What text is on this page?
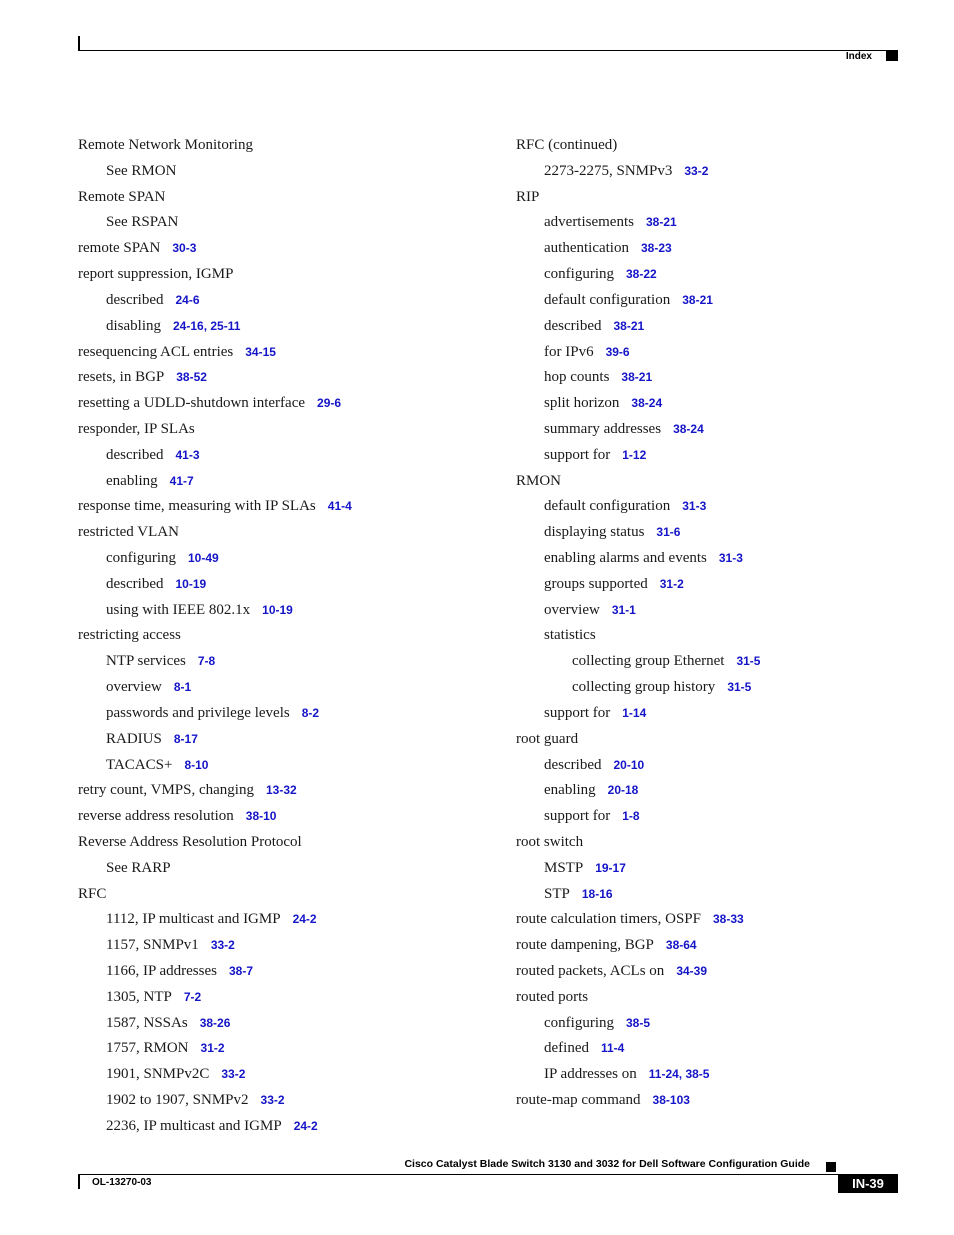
Index
Remote Network Monitoring
See RMON
Remote SPAN
See RSPAN
remote SPAN 30-3
report suppression, IGMP
described 24-6
disabling 24-16, 25-11
resequencing ACL entries 34-15
resets, in BGP 38-52
resetting a UDLD-shutdown interface 29-6
responder, IP SLAs
described 41-3
enabling 41-7
response time, measuring with IP SLAs 41-4
restricted VLAN
configuring 10-49
described 10-19
using with IEEE 802.1x 10-19
restricting access
NTP services 7-8
overview 8-1
passwords and privilege levels 8-2
RADIUS 8-17
TACACS+ 8-10
retry count, VMPS, changing 13-32
reverse address resolution 38-10
Reverse Address Resolution Protocol
See RARP
RFC
1112, IP multicast and IGMP 24-2
1157, SNMPv1 33-2
1166, IP addresses 38-7
1305, NTP 7-2
1587, NSSAs 38-26
1757, RMON 31-2
1901, SNMPv2C 33-2
1902 to 1907, SNMPv2 33-2
2236, IP multicast and IGMP 24-2
RFC (continued)
2273-2275, SNMPv3 33-2
RIP
advertisements 38-21
authentication 38-23
configuring 38-22
default configuration 38-21
described 38-21
for IPv6 39-6
hop counts 38-21
split horizon 38-24
summary addresses 38-24
support for 1-12
RMON
default configuration 31-3
displaying status 31-6
enabling alarms and events 31-3
groups supported 31-2
overview 31-1
statistics
collecting group Ethernet 31-5
collecting group history 31-5
support for 1-14
root guard
described 20-10
enabling 20-18
support for 1-8
root switch
MSTP 19-17
STP 18-16
route calculation timers, OSPF 38-33
route dampening, BGP 38-64
routed packets, ACLs on 34-39
routed ports
configuring 38-5
defined 11-4
IP addresses on 11-24, 38-5
route-map command 38-103
Cisco Catalyst Blade Switch 3130 and 3032 for Dell Software Configuration Guide
OL-13270-03	IN-39
